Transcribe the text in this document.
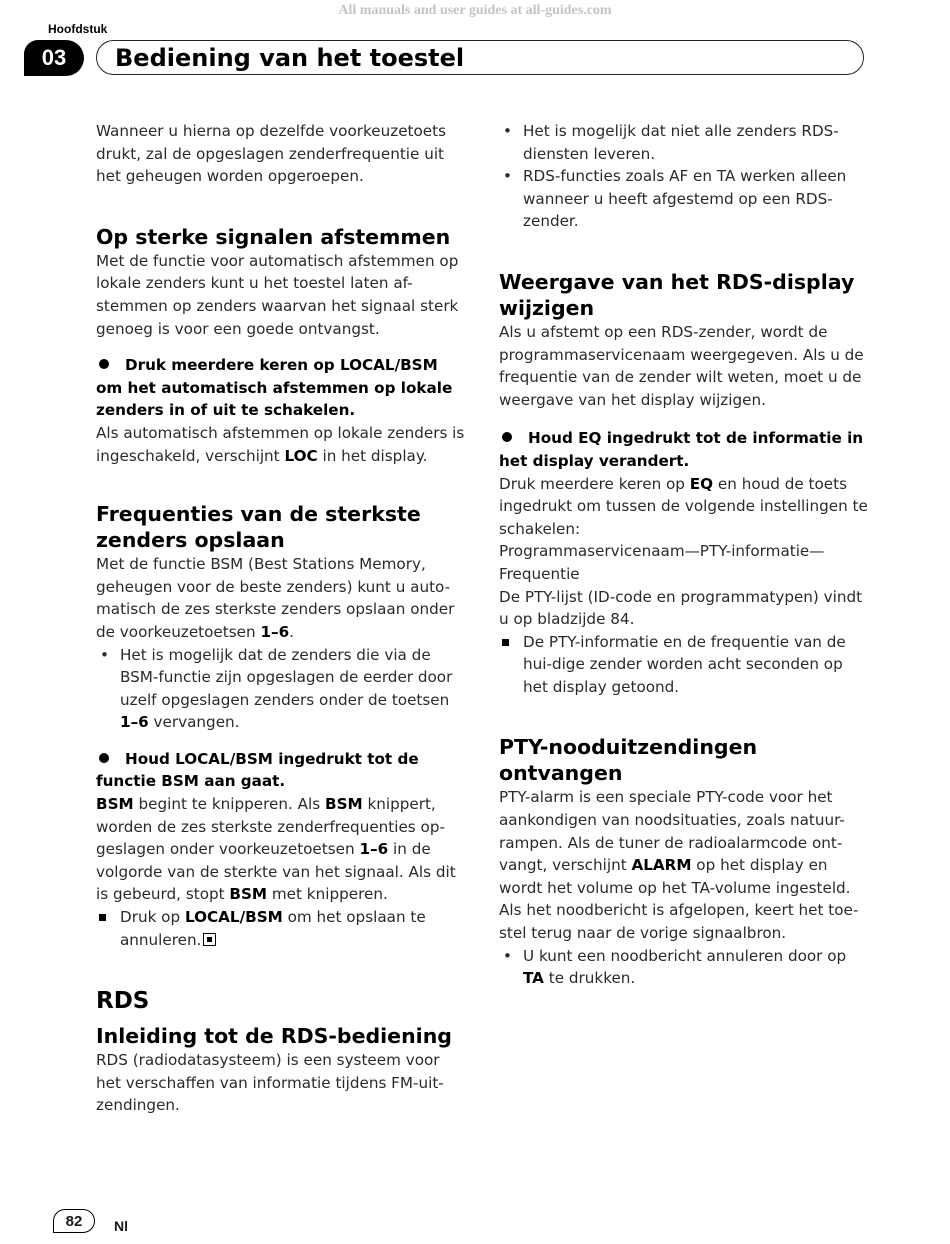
All manuals and user guides at all-guides.com
Hoofdstuk
03	Bediening van het toestel

Wanneer u hierna op dezelfde voorkeuzetoets drukt, zal de opgeslagen zenderfrequentie uit het geheugen worden opgeroepen.

Op sterke signalen afstemmen

Met de functie voor automatisch afstemmen op lokale zenders kunt u het toestel laten af-stemmen op zenders waarvan het signaal sterk genoeg is voor een goede ontvangst.

Druk meerdere keren op LOCAL/BSM om het automatisch afstemmen op lokale zenders in of uit te schakelen.

Als automatisch afstemmen op lokale zenders is ingeschakeld, verschijnt LOC in het display.

Frequenties van de sterkste zenders opslaan

Met de functie BSM (Best Stations Memory, geheugen voor de beste zenders) kunt u auto-matisch de zes sterkste zenders opslaan onder de voorkeuzetoetsen 1–6.

• Het is mogelijk dat de zenders die via de BSM-functie zijn opgeslagen de eerder door uzelf opgeslagen zenders onder de toetsen 1–6 vervangen.

Houd LOCAL/BSM ingedrukt tot de functie BSM aan gaat.

BSM begint te knipperen. Als BSM knippert, worden de zes sterkste zenderfrequenties op-geslagen onder voorkeuzetoetsen 1–6 in de volgorde van de sterkte van het signaal. Als dit is gebeurd, stopt BSM met knipperen.

Druk op LOCAL/BSM om het opslaan te annuleren.
RDS
Inleiding tot de RDS-bediening

RDS (radiodatasysteem) is een systeem voor het verschaffen van informatie tijdens FM-uit-zendingen.

• Het is mogelijk dat niet alle zenders RDS-diensten leveren.
• RDS-functies zoals AF en TA werken alleen wanneer u heeft afgestemd op een RDS-zender.
Weergave van het RDS-display wijzigen

Als u afstemt op een RDS-zender, wordt de programmaservicenaam weergegeven. Als u de frequentie van de zender wilt weten, moet u de weergave van het display wijzigen.

Houd EQ ingedrukt tot de informatie in het display verandert.

Druk meerdere keren op EQ en houd de toets ingedrukt om tussen de volgende instellingen te schakelen:

Programmaservicenaam—PTY-informatie—Frequentie

De PTY-lijst (ID-code en programmatypen) vindt u op bladzijde 84.

De PTY-informatie en de frequentie van de hui-dige zender worden acht seconden op het display getoond.
PTY-nooduitzendingen ontvangen

PTY-alarm is een speciale PTY-code voor het aankondigen van noodsituaties, zoals natuur-rampen. Als de tuner de radioalarmcode ont-vangt, verschijnt ALARM op het display en wordt het volume op het TA-volume ingesteld. Als het noodbericht is afgelopen, keert het toe-stel terug naar de vorige signaalbron.

• U kunt een noodbericht annuleren door op TA te drukken.
82	Nl
